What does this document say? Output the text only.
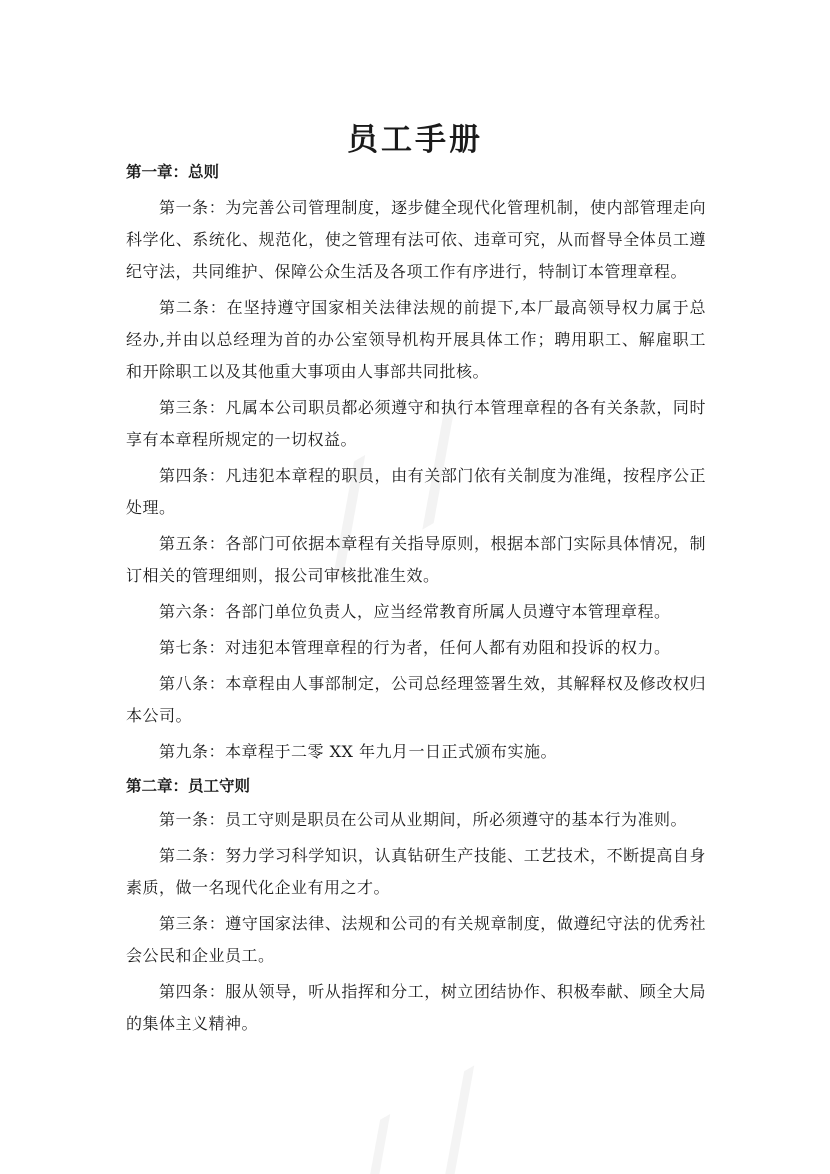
员工手册
第一章：总则

第一条：为完善公司管理制度，逐步健全现代化管理机制，使内部管理走向科学化、系统化、规范化，使之管理有法可依、违章可究，从而督导全体员工遵纪守法，共同维护、保障公众生活及各项工作有序进行，特制订本管理章程。

第二条：在坚持遵守国家相关法律法规的前提下,本厂最高领导权力属于总经办,并由以总经理为首的办公室领导机构开展具体工作；聘用职工、解雇职工和开除职工以及其他重大事项由人事部共同批核。

第三条：凡属本公司职员都必须遵守和执行本管理章程的各有关条款，同时享有本章程所规定的一切权益。

第四条：凡违犯本章程的职员，由有关部门依有关制度为准绳，按程序公正处理。

第五条：各部门可依据本章程有关指导原则，根据本部门实际具体情况，制订相关的管理细则，报公司审核批准生效。

第六条：各部门单位负责人，应当经常教育所属人员遵守本管理章程。

第七条：对违犯本管理章程的行为者，任何人都有劝阻和投诉的权力。

第八条：本章程由人事部制定，公司总经理签署生效，其解释权及修改权归本公司。

第九条：本章程于二零 XX 年九月一日正式颁布实施。

第二章：员工守则

第一条：员工守则是职员在公司从业期间，所必须遵守的基本行为准则。

第二条：努力学习科学知识，认真钻研生产技能、工艺技术，不断提高自身素质，做一名现代化企业有用之才。

第三条：遵守国家法律、法规和公司的有关规章制度，做遵纪守法的优秀社会公民和企业员工。

第四条：服从领导，听从指挥和分工，树立团结协作、积极奉献、顾全大局的集体主义精神。
